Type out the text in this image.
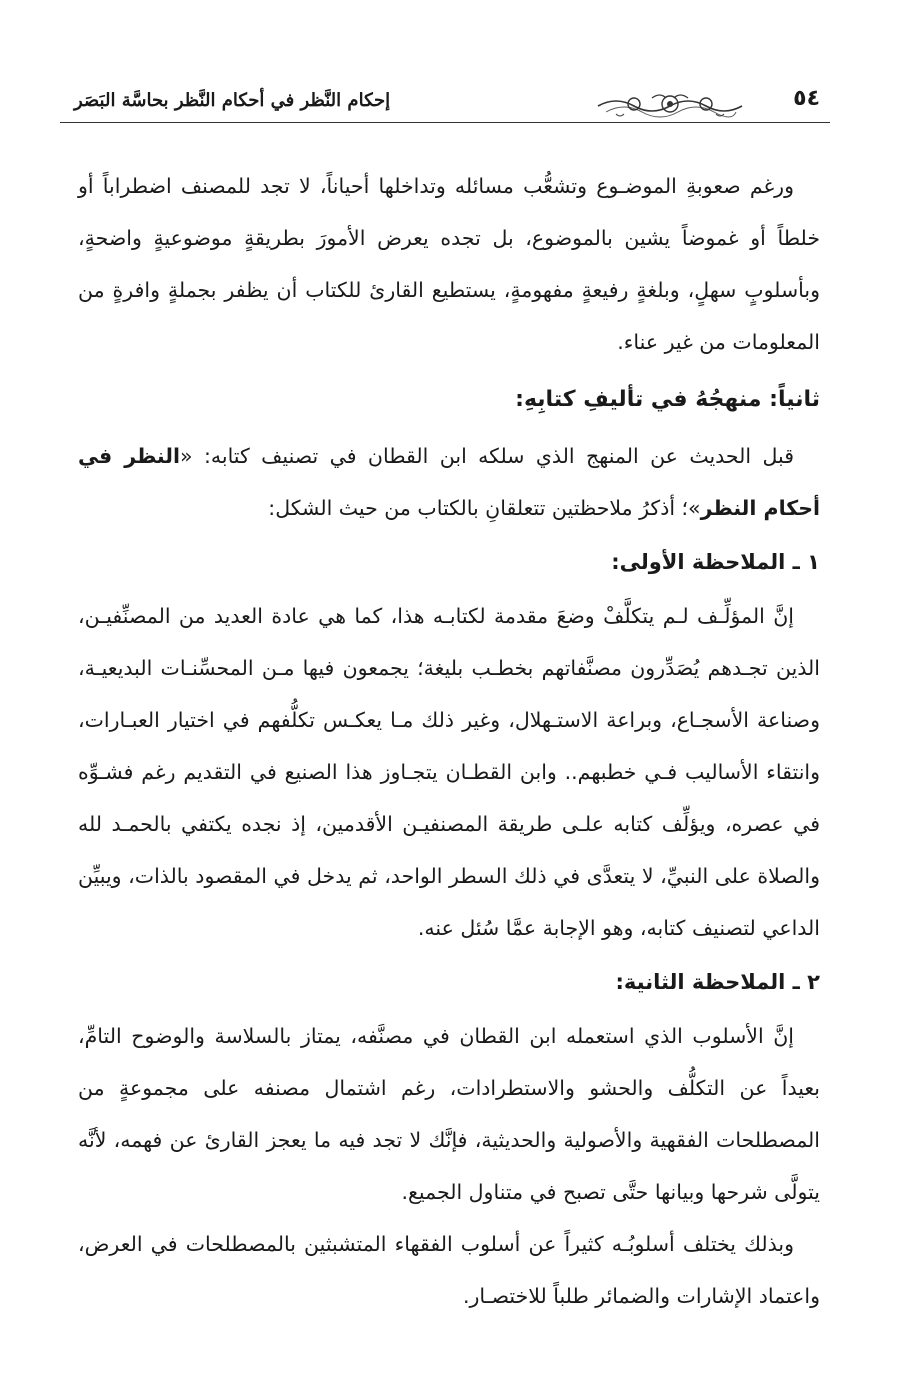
٥٤
إحكام النَّظر في أحكام النَّظر بحاسَّة البَصَر

ورغم صعوبةِ الموضـوع وتشعُّب مسائله وتداخلها أحياناً، لا تجد للمصنف اضطراباً أو خلطاً أو غموضاً يشين بالموضوع، بل تجده يعرض الأمورَ بطريقةٍ موضوعيةٍ واضحةٍ، وبأسلوبٍ سهلٍ، وبلغةٍ رفيعةٍ مفهومةٍ، يستطيع القارئ للكتاب أن يظفر بجملةٍ وافرةٍ من المعلومات من غير عناء.

ثانياً: منهجُهُ في تأليفِ كتابِهِ:

قبل الحديث عن المنهج الذي سلكه ابن القطان في تصنيف كتابه: «النظر في أحكام النظر»؛ أذكرُ ملاحظتين تتعلقانِ بالكتاب من حيث الشكل:

١ ـ الملاحظة الأولى:

إنَّ المؤلِّـف لـم يتكلَّفْ وضعَ مقدمة لكتابـه هذا، كما هي عادة العديد من المصنِّفيـن، الذين تجـدهم يُصَدِّرون مصنَّفاتهم بخطـب بليغة؛ يجمعون فيها مـن المحسِّنـات البديعيـة، وصناعة الأسجـاع، وبراعة الاستـهلال، وغير ذلك مـا يعكـس تكلُّفهم في اختيار العبـارات، وانتقاء الأساليب فـي خطبهم.. وابن القطـان يتجـاوز هذا الصنيع في التقديم رغم فشـوِّه في عصره، ويؤلِّف كتابه علـى طريقة المصنفيـن الأقدمين، إذ نجده يكتفي بالحمـد لله والصلاة على النبيِّ، لا يتعدَّى في ذلك السطر الواحد، ثم يدخل في المقصود بالذات، ويبيِّن الداعي لتصنيف كتابه، وهو الإجابة عمَّا سُئل عنه.

٢ ـ الملاحظة الثانية:

إنَّ الأسلوب الذي استعمله ابن القطان في مصنَّفه، يمتاز بالسلاسة والوضوح التامِّ، بعيداً عن التكلُّف والحشو والاستطرادات، رغم اشتمال مصنفه على مجموعةٍ من المصطلحات الفقهية والأصولية والحديثية، فإنَّك لا تجد فيه ما يعجز القارئ عن فهمه، لأنَّه يتولَّى شرحها وبيانها حتَّى تصبح في متناول الجميع.

وبذلك يختلف أسلوبُـه كثيراً عن أسلوب الفقهاء المتشبثين بالمصطلحات في العرض، واعتماد الإشارات والضمائر طلباً للاختصـار.
